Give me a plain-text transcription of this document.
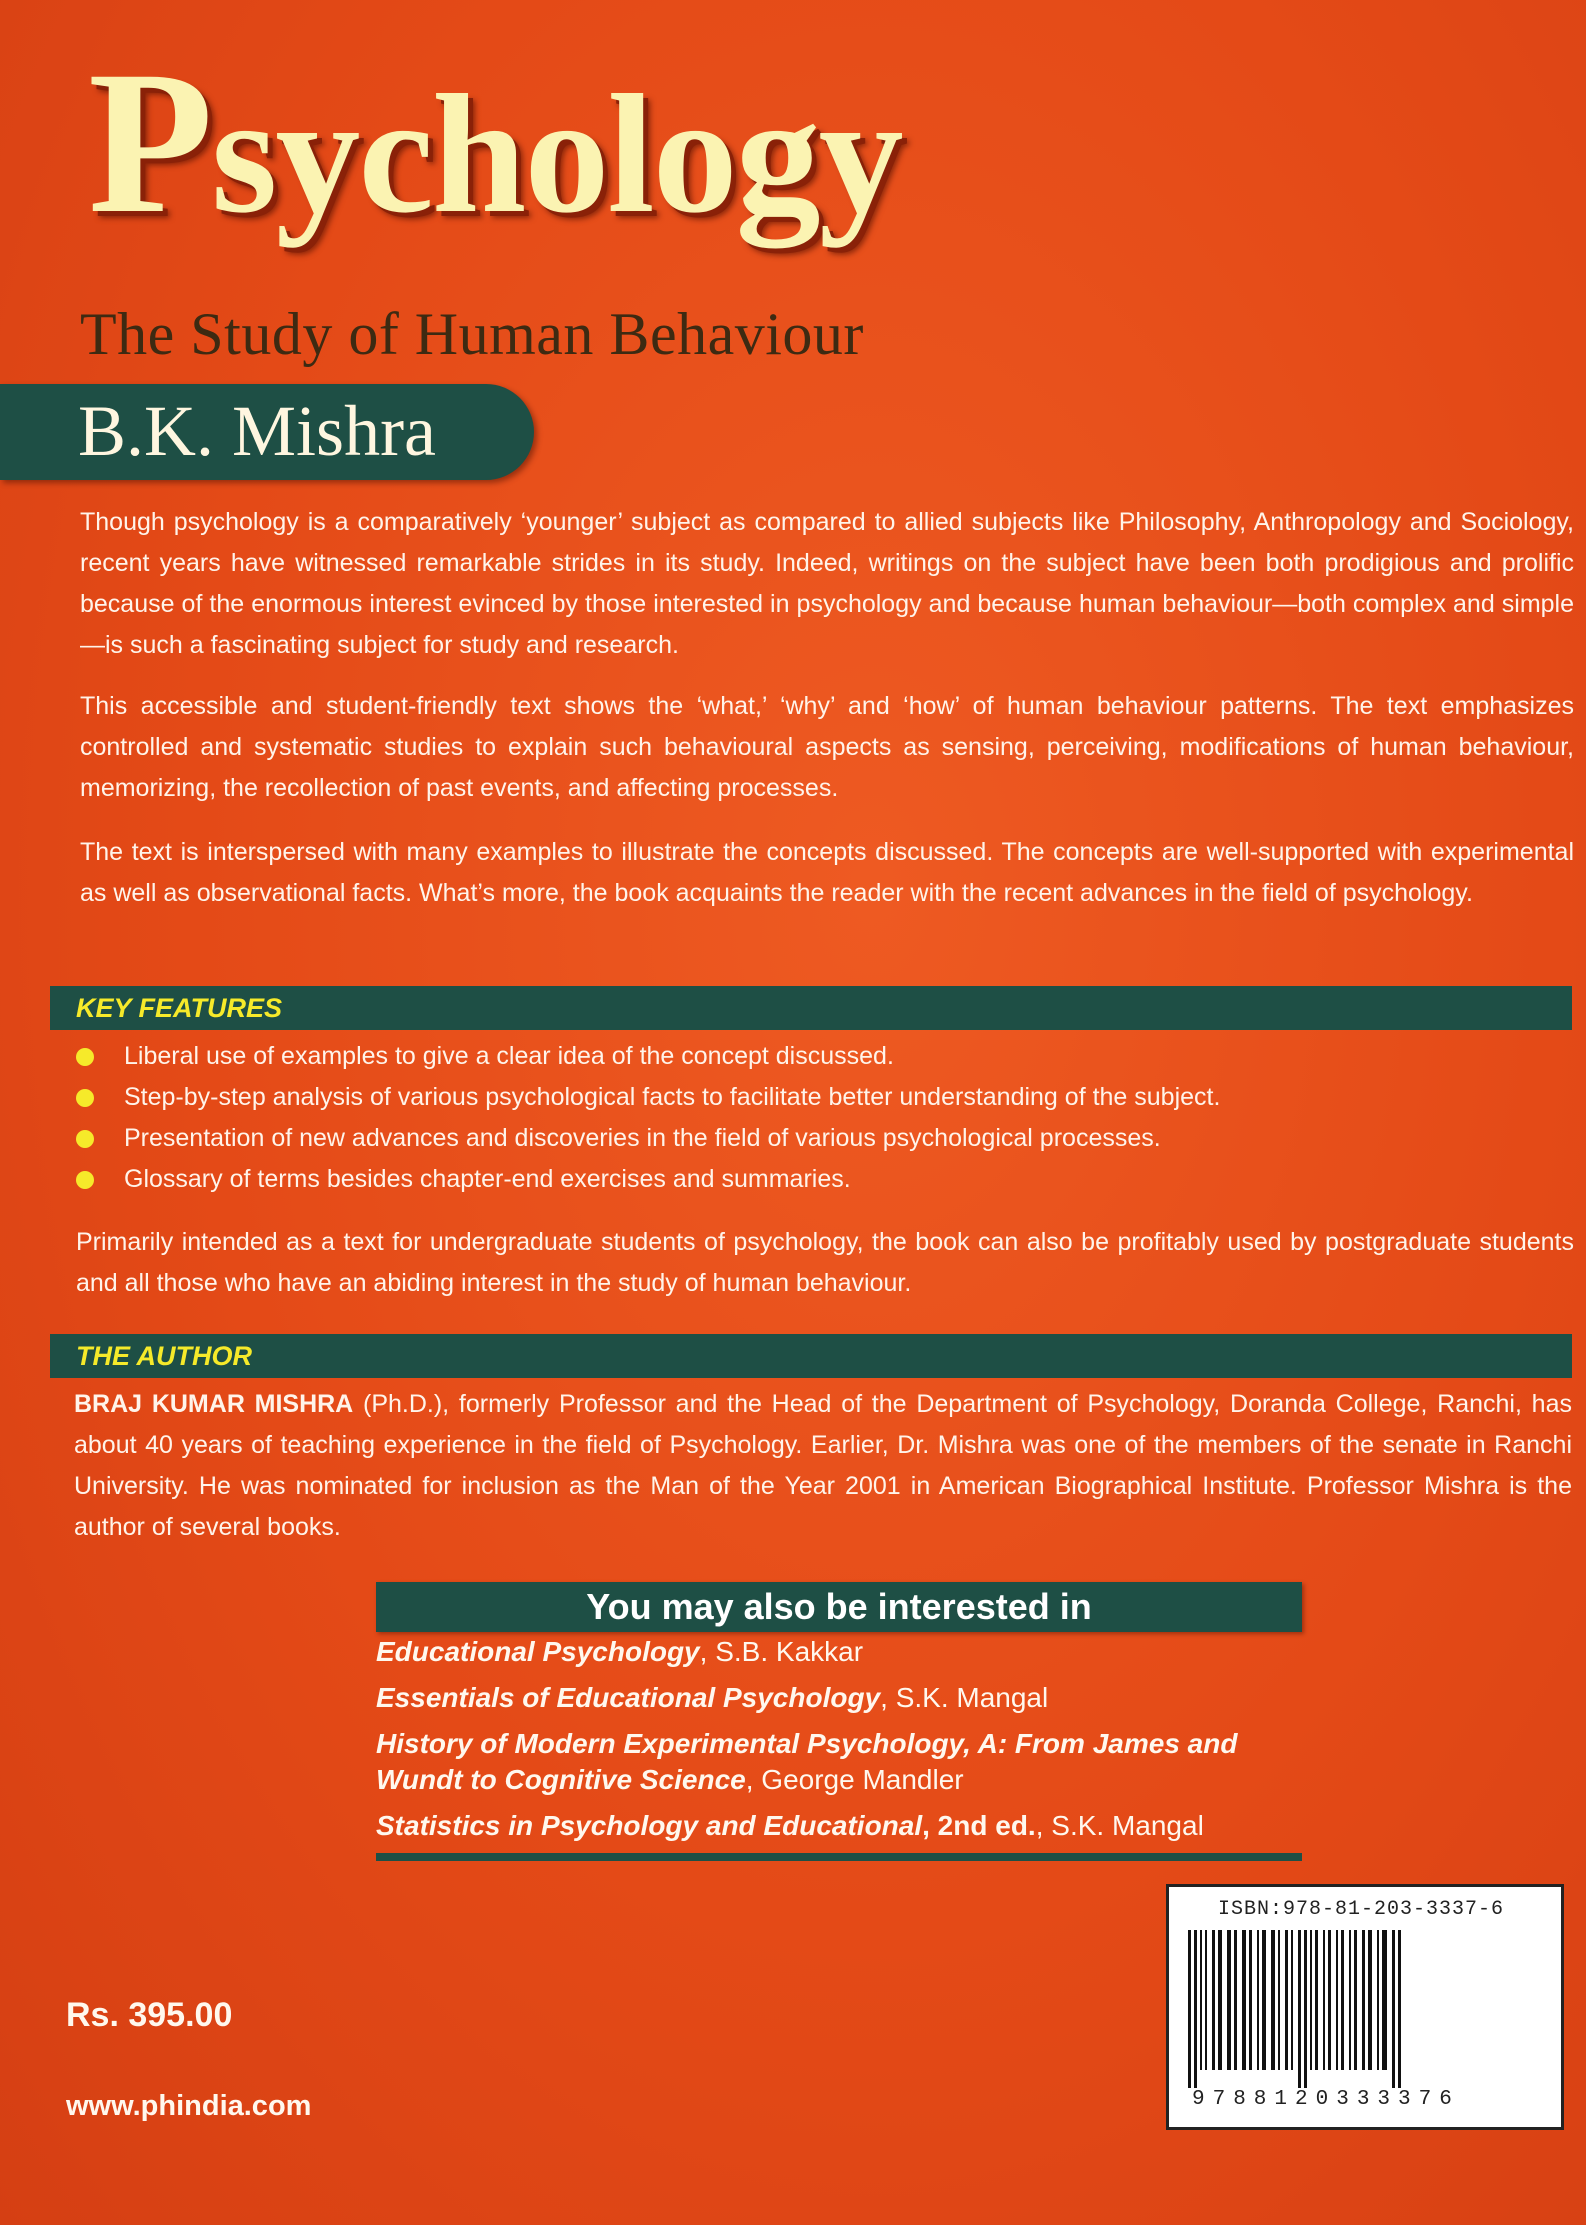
Psychology

The Study of Human Behaviour

B.K. Mishra

Though psychology is a comparatively ‘younger’ subject as compared to allied subjects like Philosophy, Anthropology and Sociology, recent years have witnessed remarkable strides in its study. Indeed, writings on the subject have been both prodigious and prolific because of the enormous interest evinced by those interested in psychology and because human behaviour—both complex and simple—is such a fascinating subject for study and research.

This accessible and student-friendly text shows the ‘what,’ ‘why’ and ‘how’ of human behaviour patterns. The text emphasizes controlled and systematic studies to explain such behavioural aspects as sensing, perceiving, modifications of human behaviour, memorizing, the recollection of past events, and affecting processes.

The text is interspersed with many examples to illustrate the concepts discussed. The concepts are well-supported with experimental as well as observational facts. What’s more, the book acquaints the reader with the recent advances in the field of psychology.

KEY FEATURES

Liberal use of examples to give a clear idea of the concept discussed.
Step-by-step analysis of various psychological facts to facilitate better understanding of the subject.
Presentation of new advances and discoveries in the field of various psychological processes.
Glossary of terms besides chapter-end exercises and summaries.

Primarily intended as a text for undergraduate students of psychology, the book can also be profitably used by postgraduate students and all those who have an abiding interest in the study of human behaviour.

THE AUTHOR

BRAJ KUMAR MISHRA (Ph.D.), formerly Professor and the Head of the Department of Psychology, Doranda College, Ranchi, has about 40 years of teaching experience in the field of Psychology. Earlier, Dr. Mishra was one of the members of the senate in Ranchi University. He was nominated for inclusion as the Man of the Year 2001 in American Biographical Institute. Professor Mishra is the author of several books.

You may also be interested in

Educational Psychology, S.B. Kakkar
Essentials of Educational Psychology, S.K. Mangal
History of Modern Experimental Psychology, A: From James and Wundt to Cognitive Science, George Mandler
Statistics in Psychology and Educational, 2nd ed., S.K. Mangal

Rs. 395.00

www.phindia.com

ISBN:978-81-203-3337-6

9788120333376
